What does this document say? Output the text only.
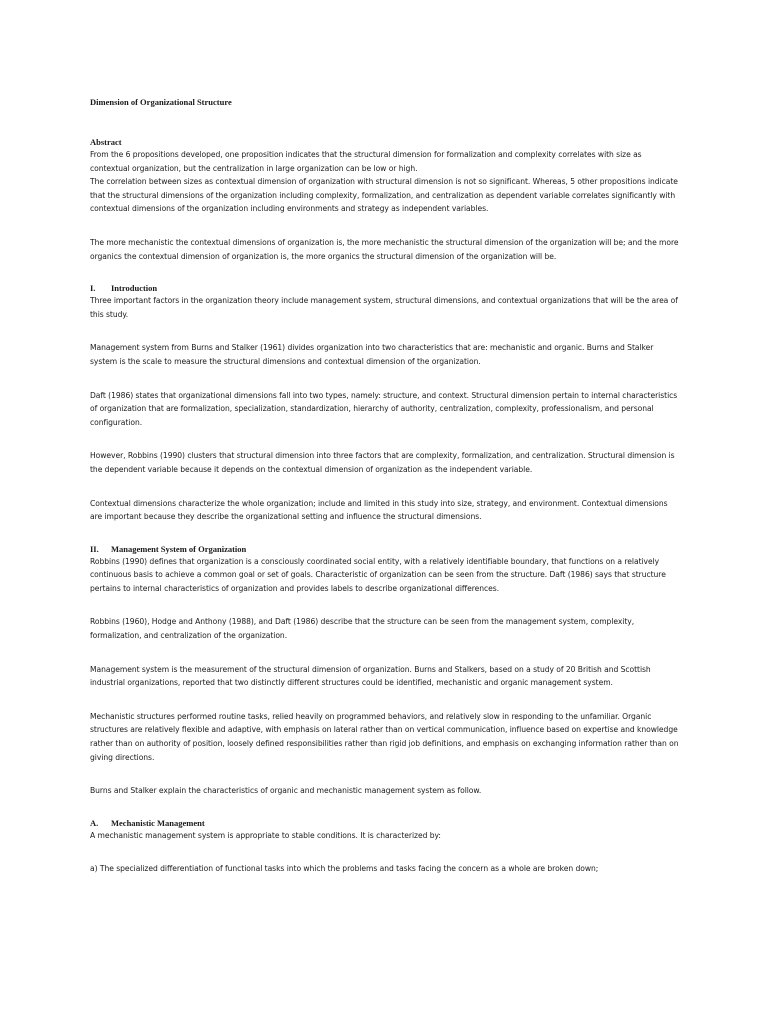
Dimension of Organizational Structure
Abstract

From the 6 propositions developed, one proposition indicates that the structural dimension for formalization and complexity correlates with size as contextual organization, but the centralization in large organization can be low or high.

The correlation between sizes as contextual dimension of organization with structural dimension is not so significant. Whereas, 5 other propositions indicate that the structural dimensions of the organization including complexity, formalization, and centralization as dependent variable correlates significantly with contextual dimensions of the organization including environments and strategy as independent variables.

The more mechanistic the contextual dimensions of organization is, the more mechanistic the structural dimension of the organization will be; and the more organics the contextual dimension of organization is, the more organics the structural dimension of the organization will be.

I. Introduction

Three important factors in the organization theory include management system, structural dimensions, and contextual organizations that will be the area of this study.

Management system from Burns and Stalker (1961) divides organization into two characteristics that are: mechanistic and organic. Burns and Stalker system is the scale to measure the structural dimensions and contextual dimension of the organization.

Daft (1986) states that organizational dimensions fall into two types, namely: structure, and context. Structural dimension pertain to internal characteristics of organization that are formalization, specialization, standardization, hierarchy of authority, centralization, complexity, professionalism, and personal configuration.

However, Robbins (1990) clusters that structural dimension into three factors that are complexity, formalization, and centralization. Structural dimension is the dependent variable because it depends on the contextual dimension of organization as the independent variable.

Contextual dimensions characterize the whole organization; include and limited in this study into size, strategy, and environment. Contextual dimensions are important because they describe the organizational setting and influence the structural dimensions.

II. Management System of Organization

Robbins (1990) defines that organization is a consciously coordinated social entity, with a relatively identifiable boundary, that functions on a relatively continuous basis to achieve a common goal or set of goals. Characteristic of organization can be seen from the structure. Daft (1986) says that structure pertains to internal characteristics of organization and provides labels to describe organizational differences.

Robbins (1960), Hodge and Anthony (1988), and Daft (1986) describe that the structure can be seen from the management system, complexity, formalization, and centralization of the organization.

Management system is the measurement of the structural dimension of organization. Burns and Stalkers, based on a study of 20 British and Scottish industrial organizations, reported that two distinctly different structures could be identified, mechanistic and organic management system.

Mechanistic structures performed routine tasks, relied heavily on programmed behaviors, and relatively slow in responding to the unfamiliar. Organic structures are relatively flexible and adaptive, with emphasis on lateral rather than on vertical communication, influence based on expertise and knowledge rather than on authority of position, loosely defined responsibilities rather than rigid job definitions, and emphasis on exchanging information rather than on giving directions.

Burns and Stalker explain the characteristics of organic and mechanistic management system as follow.

A. Mechanistic Management

A mechanistic management system is appropriate to stable conditions. It is characterized by:

a) The specialized differentiation of functional tasks into which the problems and tasks facing the concern as a whole are broken down;
